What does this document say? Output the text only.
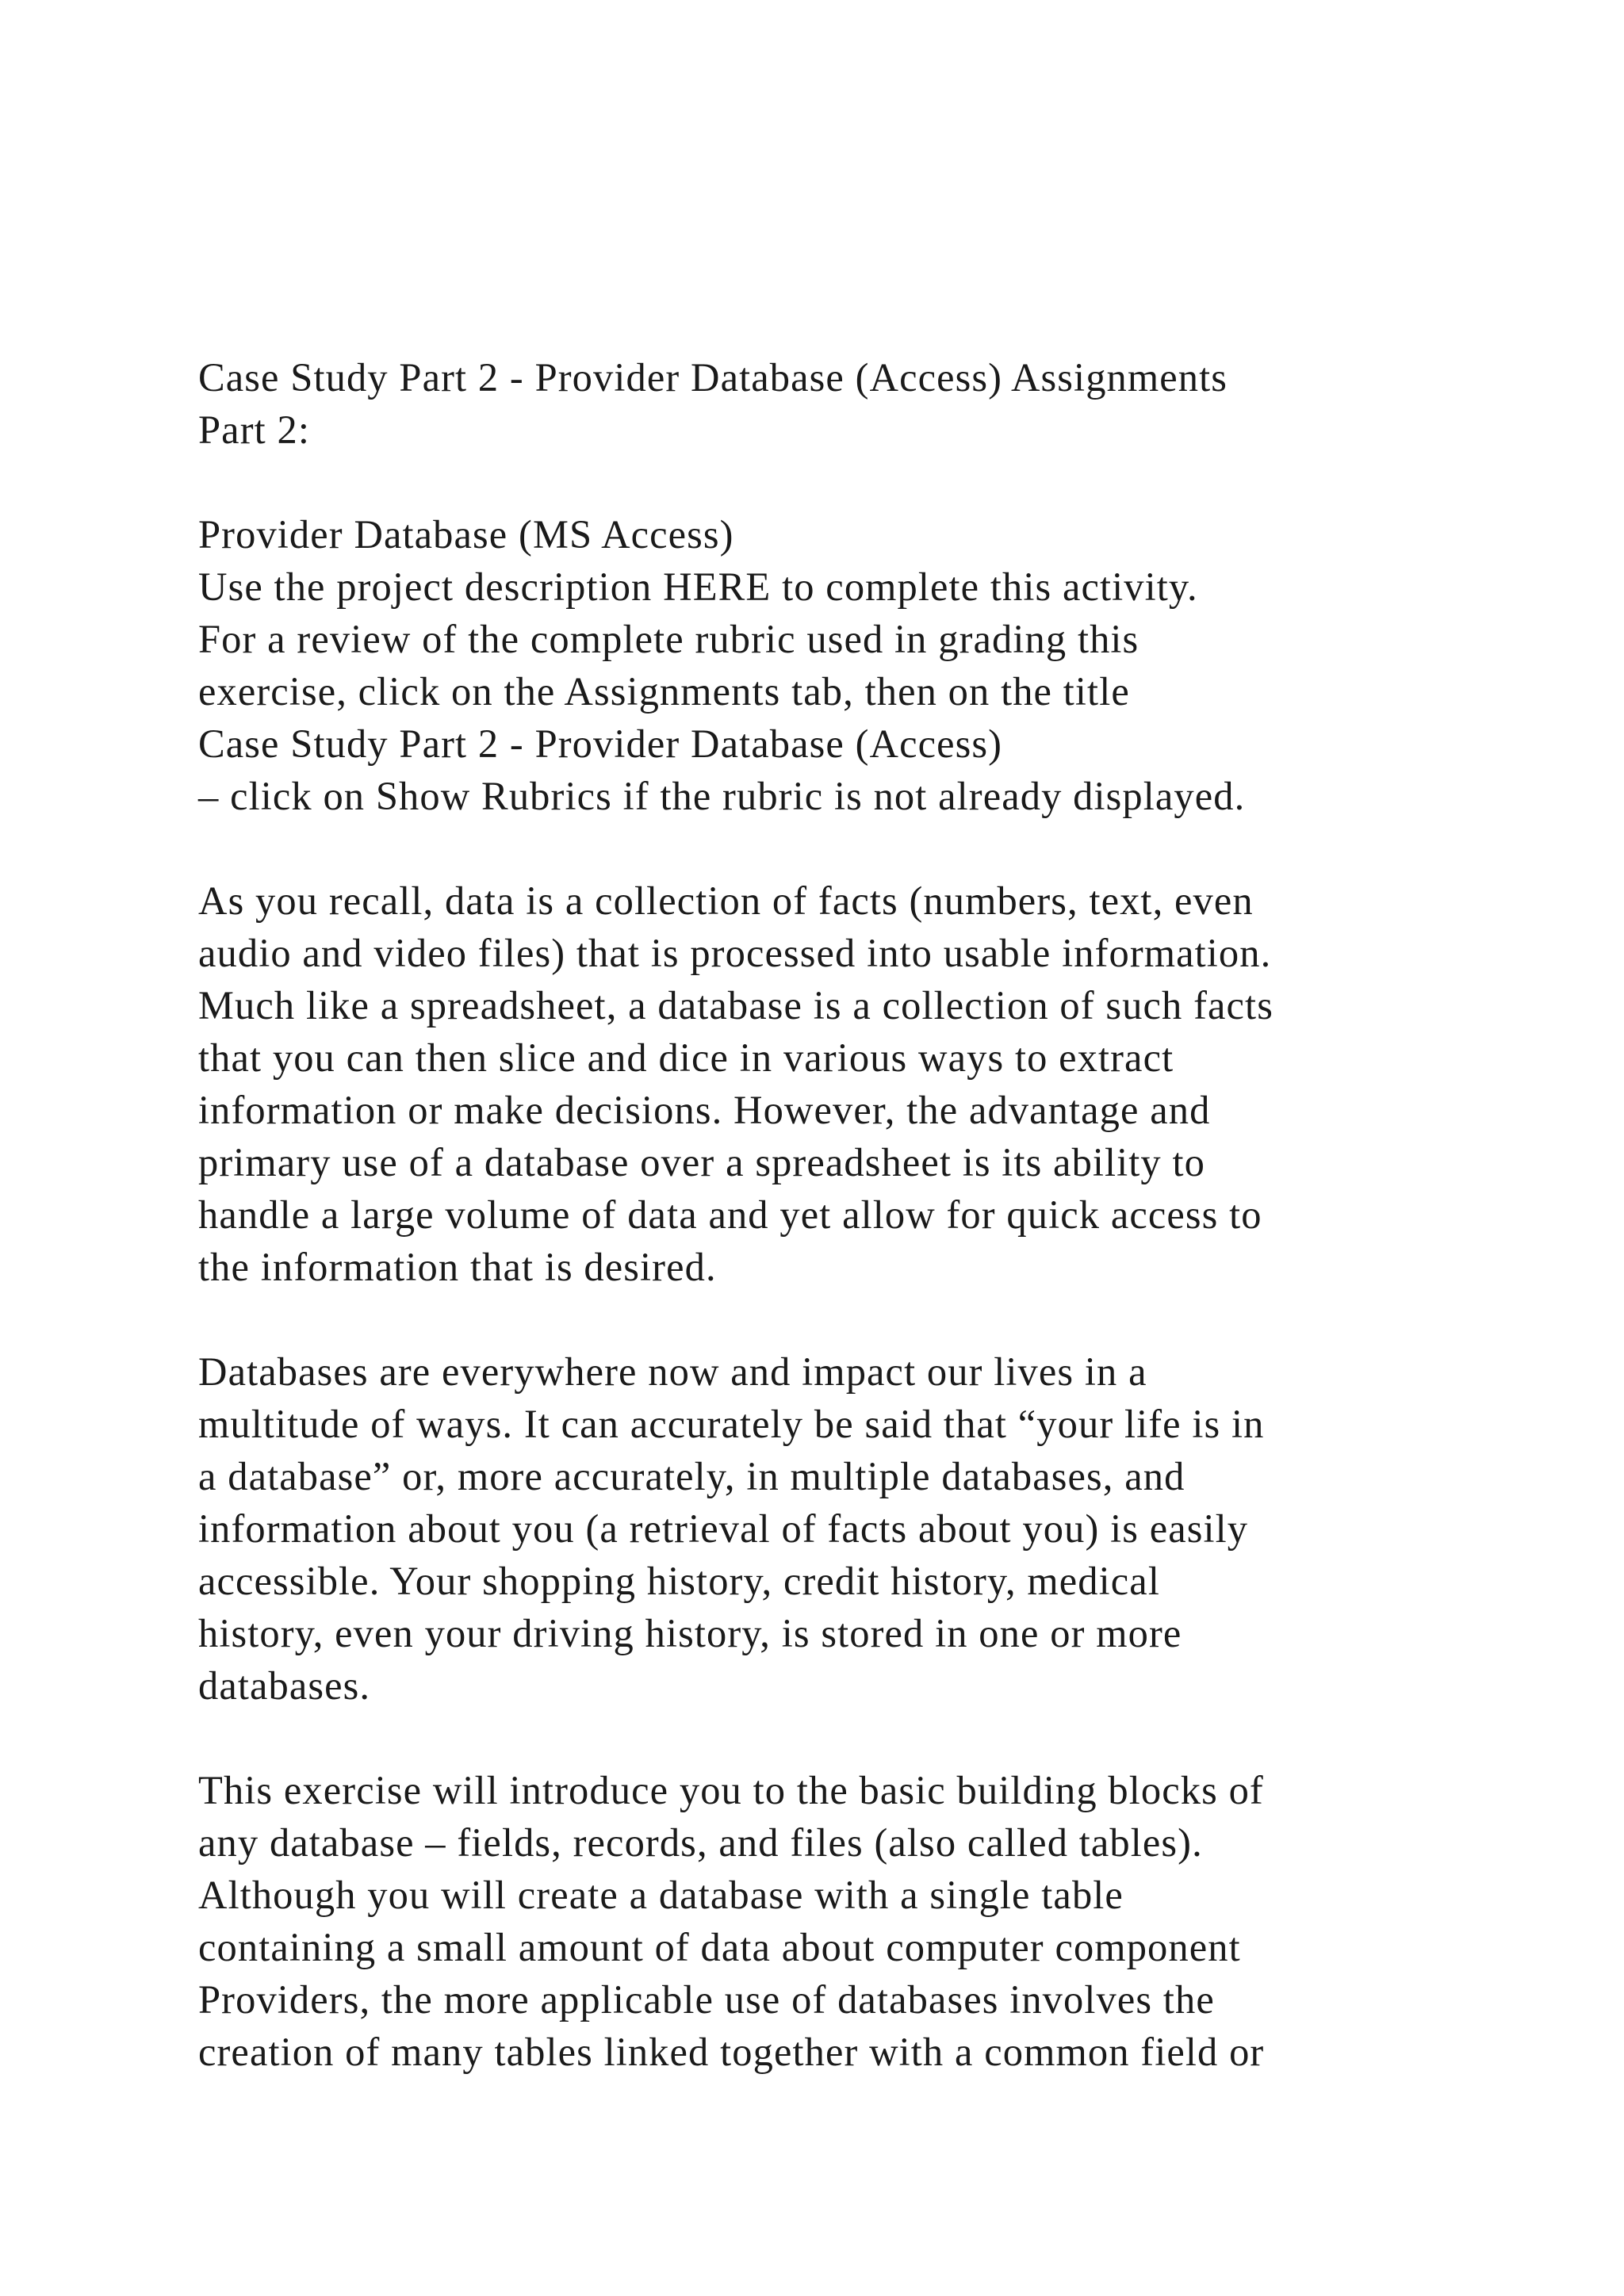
Case Study Part 2 - Provider Database (Access) Assignments
Part 2:
Provider Database (MS Access)
Use the project description HERE to complete this activity.
For a review of the complete rubric used in grading this
exercise, click on the Assignments tab, then on the title
Case Study Part 2 - Provider Database (Access)
– click on Show Rubrics if the rubric is not already displayed.
As you recall, data is a collection of facts (numbers, text, even
audio and video files) that is processed into usable information.
Much like a spreadsheet, a database is a collection of such facts
that you can then slice and dice in various ways to extract
information or make decisions. However, the advantage and
primary use of a database over a spreadsheet is its ability to
handle a large volume of data and yet allow for quick access to
the information that is desired.
Databases are everywhere now and impact our lives in a
multitude of ways. It can accurately be said that “your life is in
a database” or, more accurately, in multiple databases, and
information about you (a retrieval of facts about you) is easily
accessible. Your shopping history, credit history, medical
history, even your driving history, is stored in one or more
databases.
This exercise will introduce you to the basic building blocks of
any database – fields, records, and files (also called tables).
Although you will create a database with a single table
containing a small amount of data about computer component
Providers, the more applicable use of databases involves the
creation of many tables linked together with a common field or
